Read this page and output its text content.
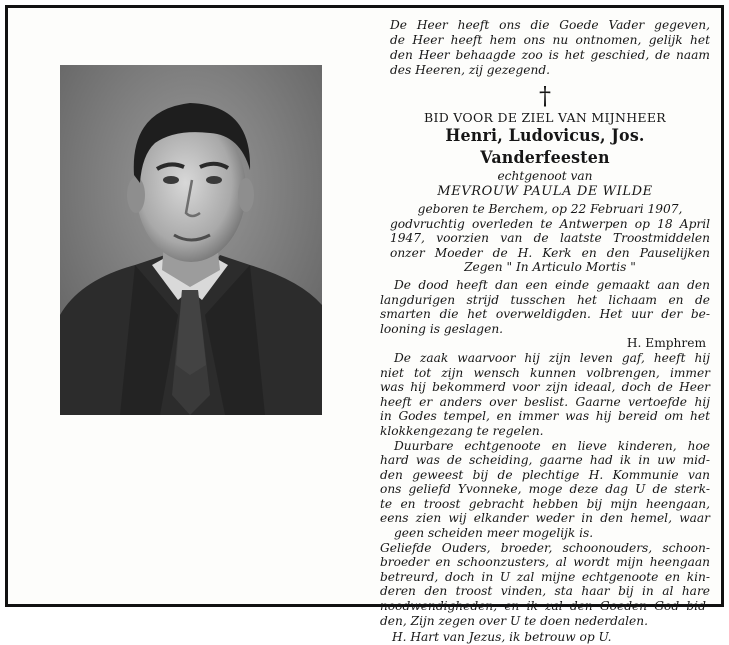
De Heer heeft ons die Goede Vader gegeven,
de Heer heeft hem ons nu ontnomen, gelijk het
den Heer behaagde zoo is het geschied, de naam
des Heeren, zij gezegend.
†
BID VOOR DE ZIEL VAN MIJNHEER
Henri, Ludovicus, Jos. Vanderfeesten
echtgenoot van
MEVROUW PAULA DE WILDE
geboren te Berchem, op 22 Februari 1907,
godvruchtig overleden te Antwerpen op 18 April
1947, voorzien van de laatste Troostmiddelen
onzer Moeder de H. Kerk en den Pauselijken
Zegen " In Articulo Mortis "
De dood heeft dan een einde gemaakt aan den
langdurigen strijd tusschen het lichaam en de
smarten die het overweldigden. Het uur der be-
looning is geslagen.
H. Emphrem
De zaak waarvoor hij zijn leven gaf, heeft hij
niet tot zijn wensch kunnen volbrengen, immer
was hij bekommerd voor zijn ideaal, doch de Heer
heeft er anders over beslist. Gaarne vertoefde hij
in Godes tempel, en immer was hij bereid om het
klokkengezang te regelen.
Duurbare echtgenoote en lieve kinderen, hoe
hard was de scheiding, gaarne had ik in uw mid-
den geweest bij de plechtige H. Kommunie van
ons geliefd Yvonneke, moge deze dag U de sterk-
te en troost gebracht hebben bij mijn heengaan,
eens zien wij elkander weder in den hemel, waar
geen scheiden meer mogelijk is.
Geliefde Ouders, broeder, schoonouders, schoon-
broeder en schoonzusters, al wordt mijn heengaan
betreurd, doch in U zal mijne echtgenoote en kin-
deren den troost vinden, sta haar bij in al hare
noodwendigheden, en ik zal den Goeden God bid-
den, Zijn zegen over U te doen nederdalen.
H. Hart van Jezus, ik betrouw op U.
